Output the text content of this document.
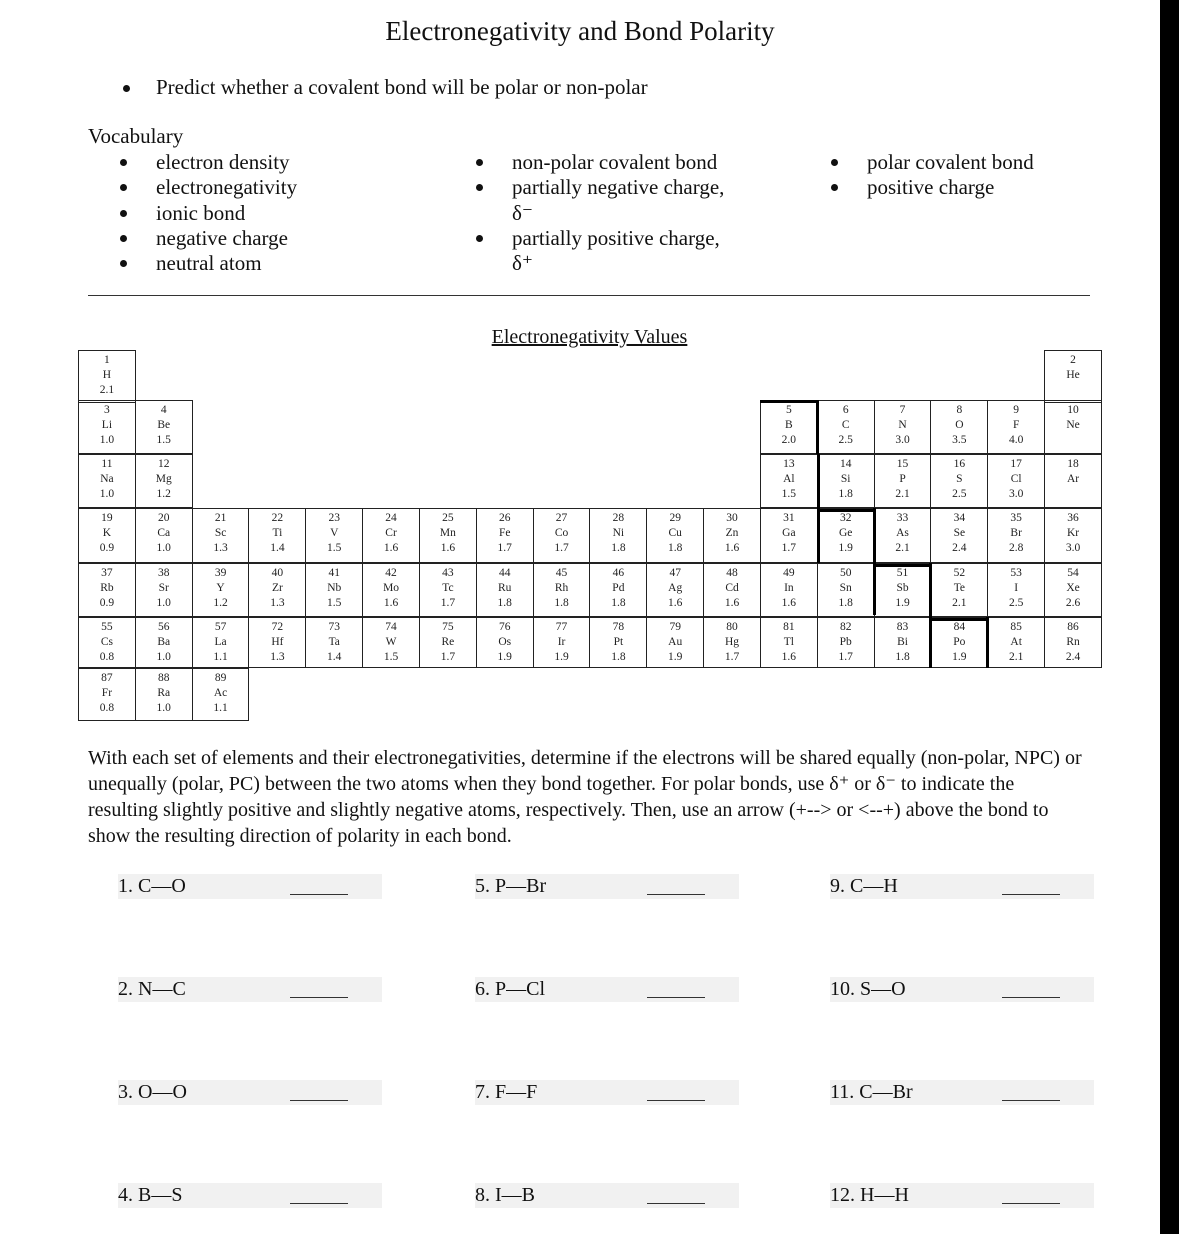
Electronegativity and Bond Polarity
Predict whether a covalent bond will be polar or non-polar
Vocabulary
electron density
electronegativity
ionic bond
negative charge
neutral atom
non-polar covalent bond
partially negative charge,
δ⁻
partially positive charge,
δ⁺
polar covalent bond
positive charge
Electronegativity Values
1
H
2.1
2
He

3
Li
1.0
4
Be
1.5
5
B
2.0
6
C
2.5
7
N
3.0
8
O
3.5
9
F
4.0
10
Ne

11
Na
1.0
12
Mg
1.2
13
Al
1.5
14
Si
1.8
15
P
2.1
16
S
2.5
17
Cl
3.0
18
Ar

19
K
0.9
20
Ca
1.0
21
Sc
1.3
22
Ti
1.4
23
V
1.5
24
Cr
1.6
25
Mn
1.6
26
Fe
1.7
27
Co
1.7
28
Ni
1.8
29
Cu
1.8
30
Zn
1.6
31
Ga
1.7
32
Ge
1.9
33
As
2.1
34
Se
2.4
35
Br
2.8
36
Kr
3.0
37
Rb
0.9
38
Sr
1.0
39
Y
1.2
40
Zr
1.3
41
Nb
1.5
42
Mo
1.6
43
Tc
1.7
44
Ru
1.8
45
Rh
1.8
46
Pd
1.8
47
Ag
1.6
48
Cd
1.6
49
In
1.6
50
Sn
1.8
51
Sb
1.9
52
Te
2.1
53
I
2.5
54
Xe
2.6
55
Cs
0.8
56
Ba
1.0
57
La
1.1
72
Hf
1.3
73
Ta
1.4
74
W
1.5
75
Re
1.7
76
Os
1.9
77
Ir
1.9
78
Pt
1.8
79
Au
1.9
80
Hg
1.7
81
Tl
1.6
82
Pb
1.7
83
Bi
1.8
84
Po
1.9
85
At
2.1
86
Rn
2.4
87
Fr
0.8
88
Ra
1.0
89
Ac
1.1
With each set of elements and their electronegativities, determine if the electrons will be shared equally (non-polar, NPC) or unequally (polar, PC) between the two atoms when they bond together. For polar bonds, use δ⁺ or δ⁻ to indicate the resulting slightly positive and slightly negative atoms, respectively. Then, use an arrow (+--> or <--+) above the bond to show the resulting direction of polarity in each bond.
1. C—O
2. N—C
3. O—O
4. B—S
5. P—Br
6. P—Cl
7. F—F
8. I—B
9. C—H
10. S—O
11. C—Br
12. H—H
